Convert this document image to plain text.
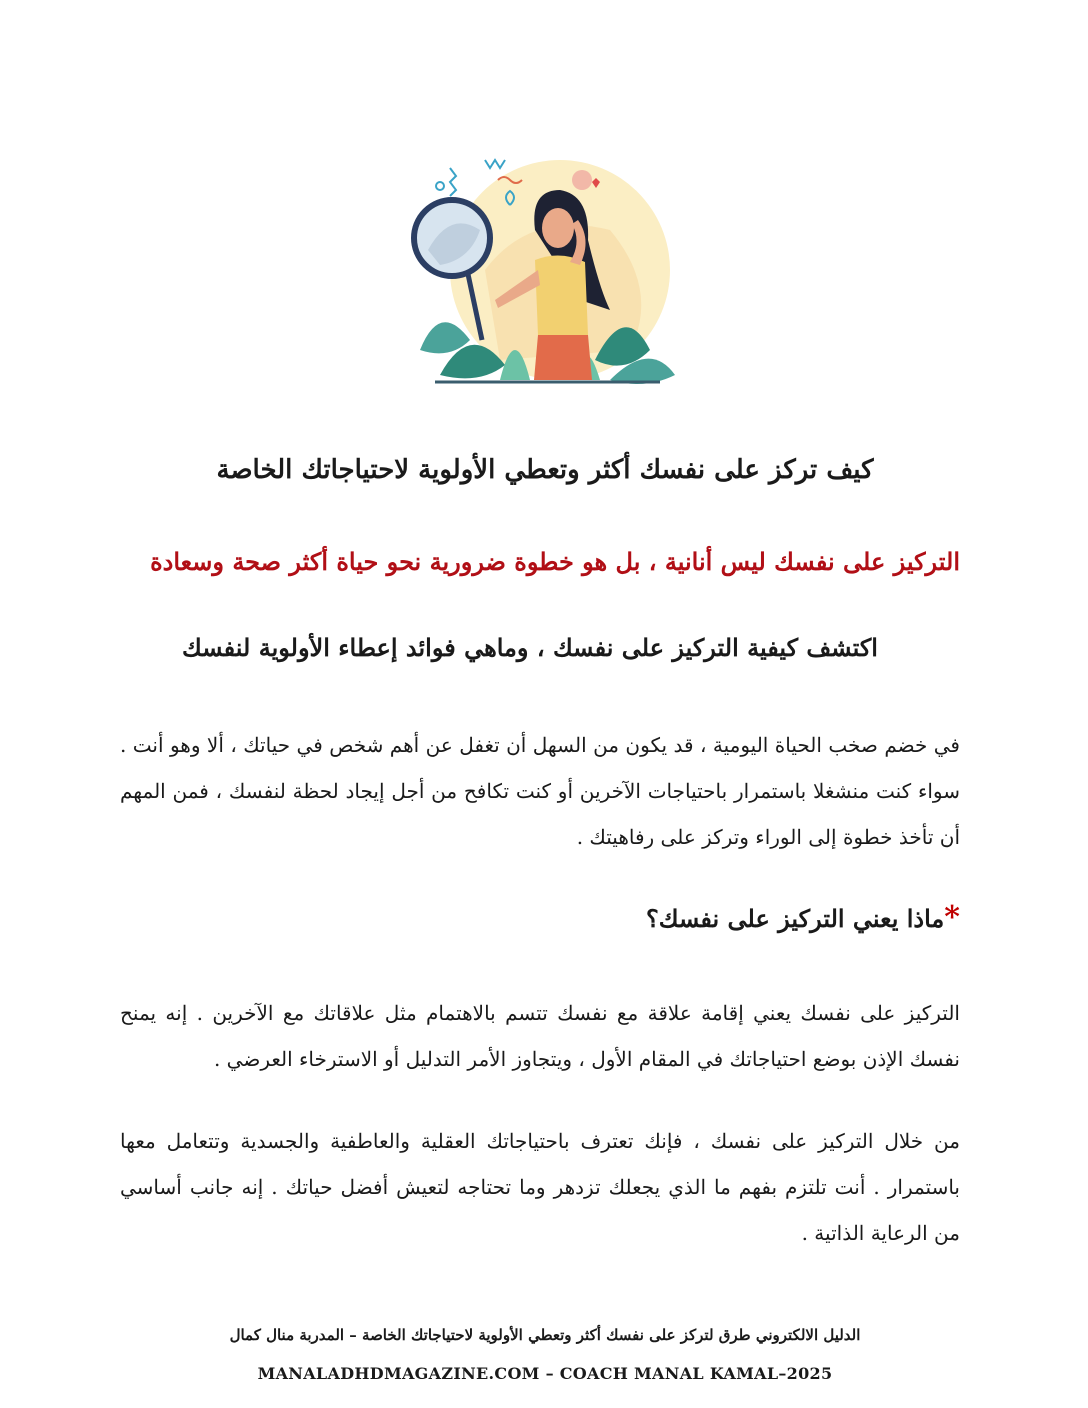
كيف تركز على نفسك أكثر وتعطي الأولوية لاحتياجاتك الخاصة
التركيز على نفسك ليس أنانية ، بل هو خطوة ضرورية نحو حياة أكثر صحة وسعادة
اكتشف كيفية التركيز على نفسك ، وماهي فوائد إعطاء الأولوية لنفسك
في خضم صخب الحياة اليومية ، قد يكون من السهل أن تغفل عن أهم شخص في حياتك ، ألا وهو أنت . سواء كنت منشغلا باستمرار باحتياجات الآخرين أو كنت تكافح من أجل إيجاد لحظة لنفسك ، فمن المهم أن تأخذ خطوة إلى الوراء وتركز على رفاهيتك .
*ماذا يعني التركيز على نفسك؟
التركيز على نفسك يعني إقامة علاقة مع نفسك تتسم بالاهتمام مثل علاقاتك مع الآخرين . إنه يمنح نفسك الإذن بوضع احتياجاتك في المقام الأول ، ويتجاوز الأمر التدليل أو الاسترخاء العرضي .
من خلال التركيز على نفسك ، فإنك تعترف باحتياجاتك العقلية والعاطفية والجسدية وتتعامل معها باستمرار . أنت تلتزم بفهم ما الذي يجعلك تزدهر وما تحتاجه لتعيش أفضل حياتك . إنه جانب أساسي من الرعاية الذاتية .
الدليل الالكتروني طرق لتركز على نفسك أكثر وتعطي الأولوية لاحتياجاتك الخاصة – المدربة منال كمال
MANALADHDMAGAZINE.COM – COACH MANAL KAMAL–2025
